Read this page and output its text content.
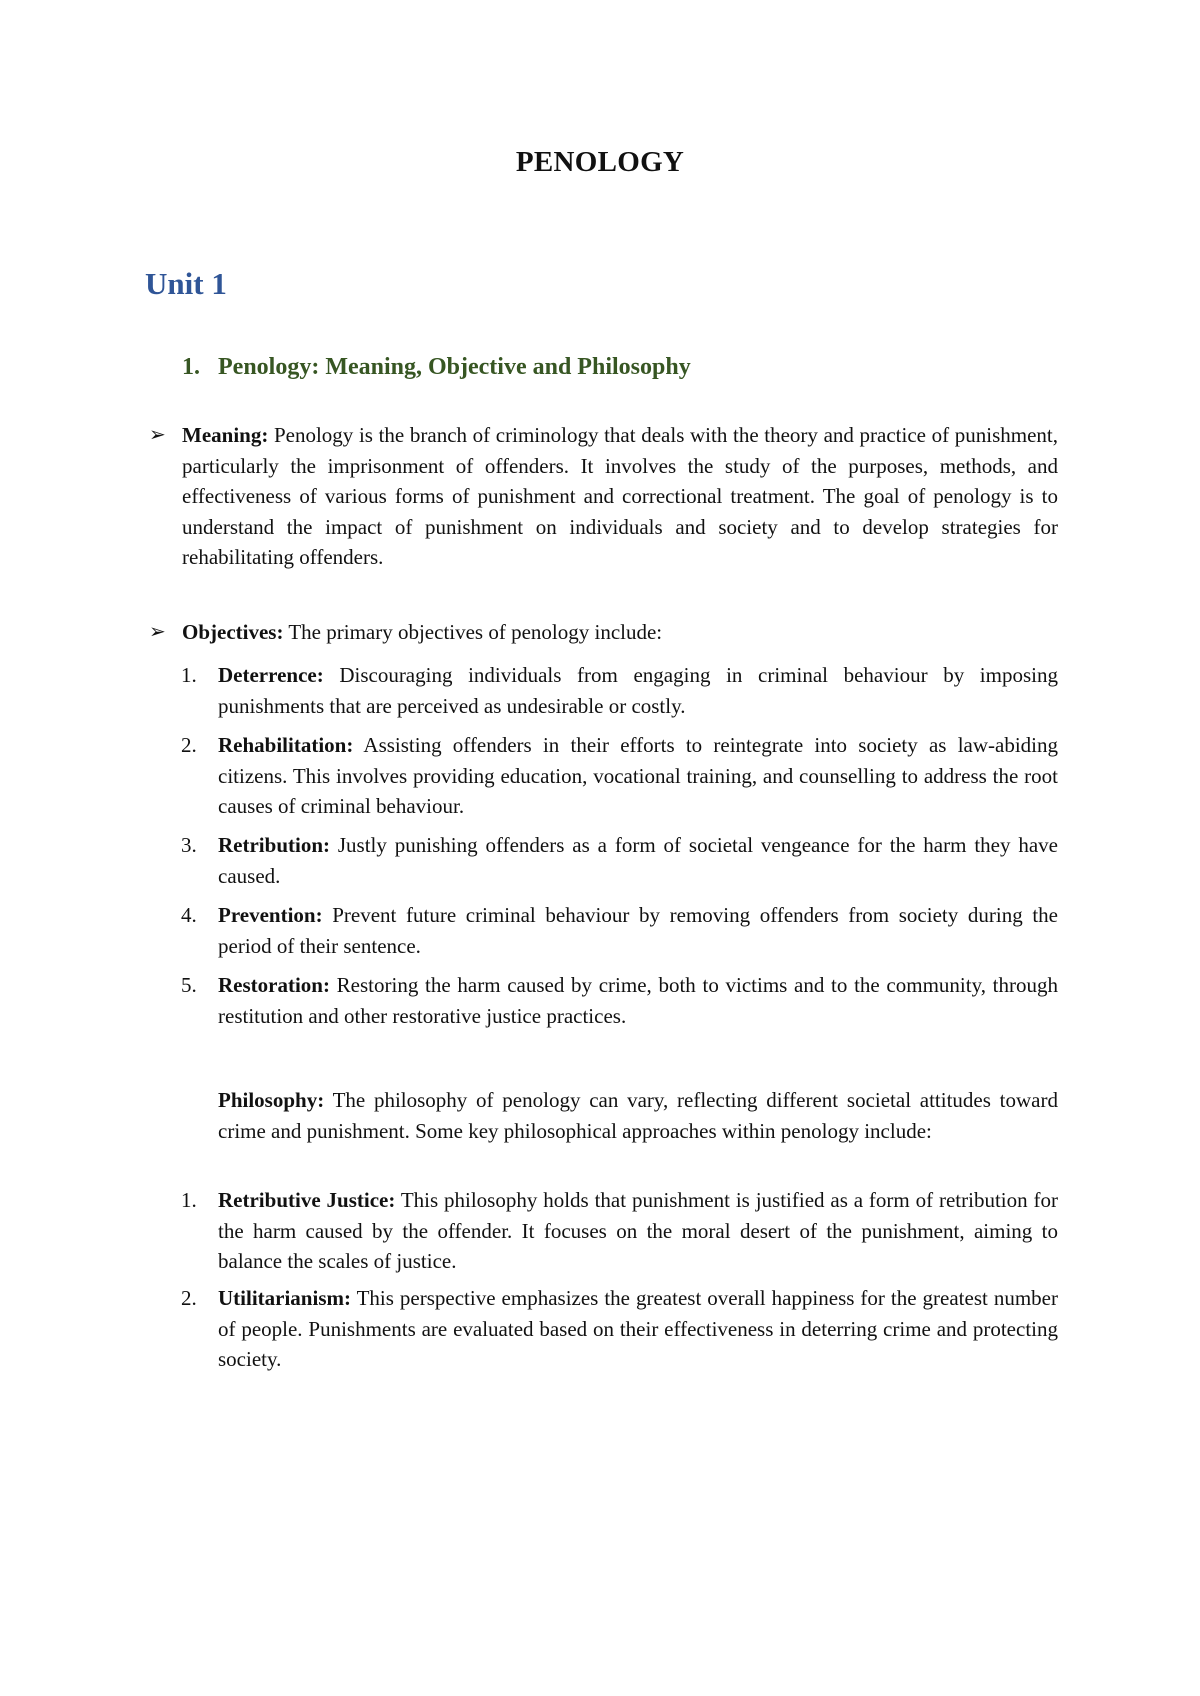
PENOLOGY
Unit 1
1. Penology: Meaning, Objective and Philosophy
➢ Meaning: Penology is the branch of criminology that deals with the theory and practice of punishment, particularly the imprisonment of offenders. It involves the study of the purposes, methods, and effectiveness of various forms of punishment and correctional treatment. The goal of penology is to understand the impact of punishment on individuals and society and to develop strategies for rehabilitating offenders.
➢ Objectives: The primary objectives of penology include:
1. Deterrence: Discouraging individuals from engaging in criminal behaviour by imposing punishments that are perceived as undesirable or costly.
2. Rehabilitation: Assisting offenders in their efforts to reintegrate into society as law-abiding citizens. This involves providing education, vocational training, and counselling to address the root causes of criminal behaviour.
3. Retribution: Justly punishing offenders as a form of societal vengeance for the harm they have caused.
4. Prevention: Prevent future criminal behaviour by removing offenders from society during the period of their sentence.
5. Restoration: Restoring the harm caused by crime, both to victims and to the community, through restitution and other restorative justice practices.
Philosophy: The philosophy of penology can vary, reflecting different societal attitudes toward crime and punishment. Some key philosophical approaches within penology include:
1. Retributive Justice: This philosophy holds that punishment is justified as a form of retribution for the harm caused by the offender. It focuses on the moral desert of the punishment, aiming to balance the scales of justice.
2. Utilitarianism: This perspective emphasizes the greatest overall happiness for the greatest number of people. Punishments are evaluated based on their effectiveness in deterring crime and protecting society.
